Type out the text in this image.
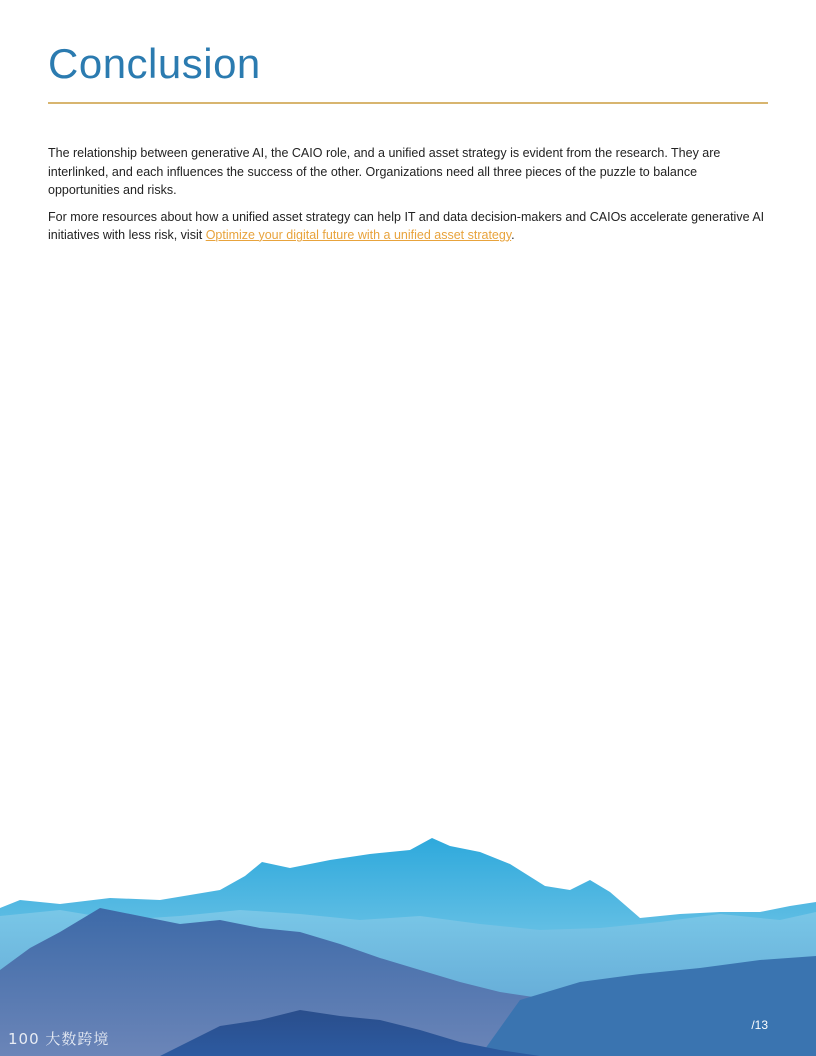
Conclusion

The relationship between generative AI, the CAIO role, and a unified asset strategy is evident from the research. They are interlinked, and each influences the success of the other. Organizations need all three pieces of the puzzle to balance opportunities and risks.

For more resources about how a unified asset strategy can help IT and data decision-makers and CAIOs accelerate generative AI initiatives with less risk, visit Optimize your digital future with a unified asset strategy.

/13
100 大数跨境
